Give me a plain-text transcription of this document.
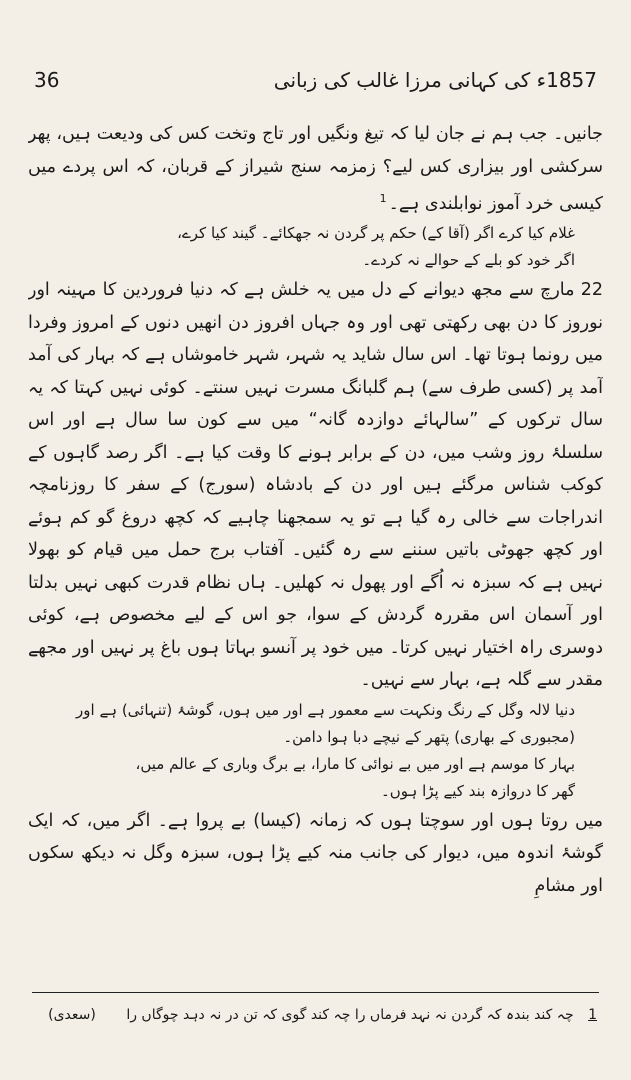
1857ء کی کہانی مرزا غالب کی زبانی
36

جانیں۔ جب ہم نے جان لیا کہ تیغ ونگیں اور تاج وتخت کس کی ودیعت ہیں، پھر سرکشی اور بیزاری کس لیے؟ زمزمہ سنج شیراز کے قربان، کہ اس پردے میں کیسی خرد آموز نوابلندی ہے۔$^1$

غلام کیا کرے اگر (آقا کے) حکم پر گردن نہ جھکائے۔ گیند کیا کرے،
اگر خود کو بلے کے حوالے نہ کردے۔

22 مارچ سے مجھ دیوانے کے دل میں یہ خلش ہے کہ دنیا فروردین کا مہینہ اور نوروز کا دن بھی رکھتی تھی اور وہ جہاں افروز دن انھیں دنوں کے امروز وفردا میں رونما ہوتا تھا۔ اس سال شاید یہ شہر، شہر خاموشاں ہے کہ بہار کی آمد آمد پر (کسی طرف سے) ہم گلبانگ مسرت نہیں سنتے۔ کوئی نہیں کہتا کہ یہ سال ترکوں کے ”سالہائے دوازدہ گانہ“ میں سے کون سا سال ہے اور اس سلسلۂ روز وشب میں، دن کے برابر ہونے کا وقت کیا ہے۔ اگر رصد گاہوں کے کوکب شناس مرگئے ہیں اور دن کے بادشاہ (سورج) کے سفر کا روزنامچہ اندراجات سے خالی رہ گیا ہے تو یہ سمجھنا چاہیے کہ کچھ دروغ گو کم ہوئے اور کچھ جھوٹی باتیں سننے سے رہ گئیں۔ آفتاب برج حمل میں قیام کو بھولا نہیں ہے کہ سبزہ نہ اُگے اور پھول نہ کھلیں۔ ہاں نظام قدرت کبھی نہیں بدلتا اور آسمان اس مقررہ گردش کے سوا، جو اس کے لیے مخصوص ہے، کوئی دوسری راہ اختیار نہیں کرتا۔ میں خود پر آنسو بہاتا ہوں باغ پر نہیں اور مجھے مقدر سے گلہ ہے، بہار سے نہیں۔

دنیا لالہ وگل کے رنگ ونکہت سے معمور ہے اور میں ہوں، گوشۂ (تنہائی) ہے اور (مجبوری کے بھاری) پتھر کے نیچے دبا ہوا دامن۔
بہار کا موسم ہے اور میں بے نوائی کا مارا، بے برگ وباری کے عالم میں،
گھر کا دروازہ بند کیے پڑا ہوں۔

میں روتا ہوں اور سوچتا ہوں کہ زمانہ (کیسا) بے پروا ہے۔ اگر میں، کہ ایک گوشۂ اندوہ میں، دیوار کی جانب منہ کیے پڑا ہوں، سبزہ وگل نہ دیکھ سکوں اور مشامِ

1 چہ کند بندہ کہ گردن نہ نہد فرماں را چہ کند گوی کہ تن در نہ دہد چوگاں را (سعدی)
